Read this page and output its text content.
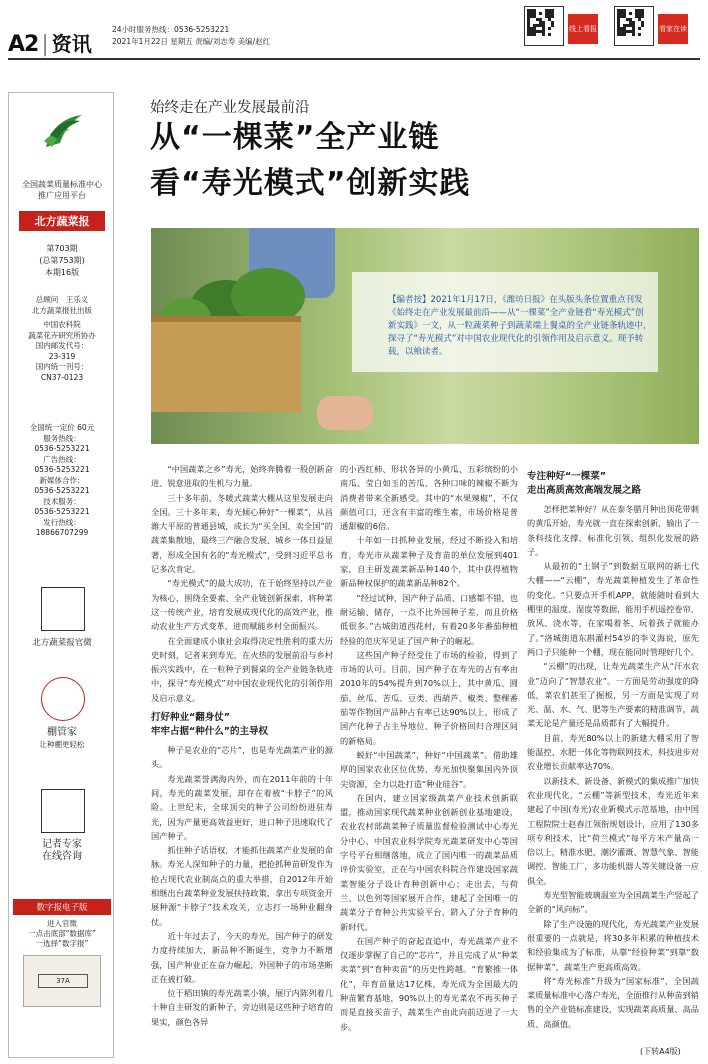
A2 | 资讯
24小时服务热线：0536-5253221
2021年1月22日 星期五 责编/刘志寿 美编/赵红
线上看报	看家在读
全国蔬菜质量标准中心
推广应用平台
北方蔬菜报
第703期
(总第753期)
本期16版
总顾问　王乐义
北方蔬菜报社出版
中国农科院
蔬菜花卉研究所协办
国内邮发代号：
23-319
国内统一刊号：
CN37-0123
全国统一定价 60元
服务热线：
0536-5253221
广告热线：
0536-5253221
新媒体合作：
0536-5253221
技术服务：
0536-5253221
发行热线：
18866707299
北方蔬菜报官微
棚管家
让种棚更轻松
记者专家
在线咨询
数字报电子版
进入官微
一点击底部“数据库”
一选择“数字报”
37A
始终走在产业发展最前沿
从“一棵菜”全产业链
看“寿光模式”创新实践
【编者按】2021年1月17日，《潍坊日报》在头版头条位置重点刊发《始终走在产业发展最前沿——从“一棵菜”全产业链看“寿光模式”创新实践》一文，从一粒蔬菜种子到蔬菜端上餐桌的全产业链条轨迹中，探寻了“寿光模式”对中国农业现代化的引领作用及启示意义。现予转载，以飨读者。

“中国蔬菜之乡”寿光，始终奔腾着一股创新奋进、锐意进取的生机与力量。

三十多年前，冬暖式蔬菜大棚从这里发展走向全国。三十多年来，寿光倾心种好“一棵菜”，从昌潍大平原的普通县城，成长为“买全国、卖全国”的蔬菜集散地，最终三产融合发展、城乡一体日益显著，形成全国有名的“寿光模式”，受到习近平总书记多次肯定。

“寿光模式”的最大成功，在于始终坚持以产业为核心，围绕全要素、全产业链创新探索，将种菜这一传统产业，培育发展成现代化的高效产业，推动农业生产方式变革，进而赋能乡村全面振兴。

在全面建成小康社会取得决定性胜利的重大历史时刻，记者来到寿光，在火热的发展前沿与乡村振兴实践中，在一粒种子到餐桌的全产业链条轨迹中，探寻“寿光模式”对中国农业现代化的引领作用及启示意义。

打好种业“翻身仗”
牢牢占据“种什么”的主导权

种子是农业的“芯片”，也是寿光蔬菜产业的源头。

寿光蔬菜誉满海内外，而在2011年前的十年间，寿光的蔬菜发展，却存在着被“卡脖子”的风险。上世纪末，全球顶尖的种子公司纷纷进驻寿光，因为产量更高效益更好，进口种子迅速取代了国产种子。

抓住种子话语权，才能抓住蔬菜产业发展的命脉。寿光人深知种子的力量，把抢抓种苗研发作为抢占现代农业制高点的重大举措，自2012年开始相继出台蔬菜种业发展扶持政策，拿出专项资金开展种源“卡脖子”技术攻关，立志打一场种业翻身仗。

近十年过去了，今天的寿光，国产种子的研发力度持续加大，新品种不断诞生，竞争力不断增强，国产种业正在奋力崛起，外国种子的市场垄断正在被打破。

位于稻田镇的寿光蔬菜小镇，展厅内陈列着几十种自主研发的新种子，旁边则是这些种子培育的果实，颜色各异

的小西红柿、形状各异的小黄瓜、五彩缤纷的小南瓜、莹白如玉的苦瓜、各种口味的辣椒不断为消费者带来全新感受。其中的“水果辣椒”，不仅颜值可口，还含有丰富的维生素，市场价格是普通甜椒的6倍。

十年如一日抓种业发展，经过不断投入和培育，寿光市从蔬菜种子及育苗的单位发展到401家，自主研发蔬菜新品种140个，其中获得植物新品种权保护的蔬菜新品种82个。

“经过试种，国产种子品质、口感都不错，也耐运输、储存，一点不比外国种子差，而且价格低很多。”古城街道西花村，有着20多年番茄种植经验的范庆军见证了国产种子的崛起。

这些国产种子经受住了市场的检验，得到了市场的认可。目前，国产种子在寿光的占有率由2010年的54%提升到70%以上，其中黄瓜、圆茄、丝瓜、苦瓜、豆类、西葫芦、椒类、整棵番茄等作物国产品种占有率已达90%以上，形成了国产化种子占主导地位、种子价格回归合理区间的新格局。

蜕好“中国蔬菜”，种好“中国蔬菜”。借助雄厚的国家农业区位优势，寿光加快聚集国内外顶尖资源，全力以赴打造“种业硅谷”。

在国内，建立国家级蔬菜产业技术创新联盟，推动国家现代蔬菜种业创新创业基地建设，农业农村部蔬菜种子质量监督检验测试中心寿光分中心、中国农业科学院寿光蔬菜研发中心等国字号平台相继落地，成立了国内唯一的蔬菜品质评价实验室，正在与中国农科院合作建设国家蔬菜智能分子设计育种创新中心；走出去，与荷兰、以色列等国家展开合作，建起了全国唯一的蔬菜分子育种公共实验平台，跻入了分子育种的新时代。

在国产种子的奋起直追中，寿光蔬菜产业不仅逐步掌握了自己的“芯片”，并且完成了从“种菜卖菜”到“育种卖苗”的历史性跨越。“育繁推一体化”，年育苗量达17亿株，寿光成为全国最大的种苗繁育基地，90%以上的寿光菜农不再买种子而是直接买苗子，蔬菜生产由此向前迈进了一大步。

专注种好“一棵菜”
走出高质高效高端发展之路

怎样把菜种好？从在泰冬腊月种出顶花带刺的黄瓜开始，寿光就一直在探索创新，输出了一条科技化支撑、标准化引领、组织化发展的路子。

从最初的“土钢子”到数据互联网的新七代大棚——“云棚”，寿光蔬菜种植发生了革命性的变化。“只要点开手机APP，就能随时看到大棚里的温度、湿度等数据，能用手机遥控卷帘、放风、浇水等，在家喝着茶、玩着孩子就能办了。”洛城街道东斟灌村54岁的李义海说，原先两口子只能种一个棚，现在能同时管理好几个。

“云棚”的出现，让寿光蔬菜生产从“汗水农业”迈向了“智慧农业”。一方面是劳动强度的降低，菜农们甚至了掘板，另一方面是实现了对光、温、水、气、肥等生产要素的精准调节，蔬菜无论是产量还是品质都有了大幅提升。

目前，寿光80%以上的新建大棚采用了智能温控、水肥一体化等物联网技术，科技进步对农业增长贡献率达70%。

以新技术、新设备、新模式的集成推广加快农业现代化，“云棚”等新型技术，寿光近年来建起了中国(寿光)农业新模式示范基地，由中国工程院院士赵春江领衔规划设计，应用了130多项专利技术，比“荷兰模式”每平方米产量高一倍以上，精准水肥、潮汐灌溉、智慧气象、智能调控、智能工厂，多功能机器人等关键设备一应俱全。

寿光型智能玻璃温室为全国蔬菜生产竖起了全新的“风向标”。

除了生产设施的现代化，寿光蔬菜产业发展很重要的一点就是，将30多年积累的种植技术和经验集成为了标准，从靠“经验种菜”到靠“数据种菜”，蔬菜生产更高质高效。

将“寿光标准”升级为“国家标准”，全国蔬菜质量标准中心落户寿光，全面推行从种苗到销售的全产业链标准建设，实现蔬菜高质量、高品质、高颜值。

(下转A4版)
